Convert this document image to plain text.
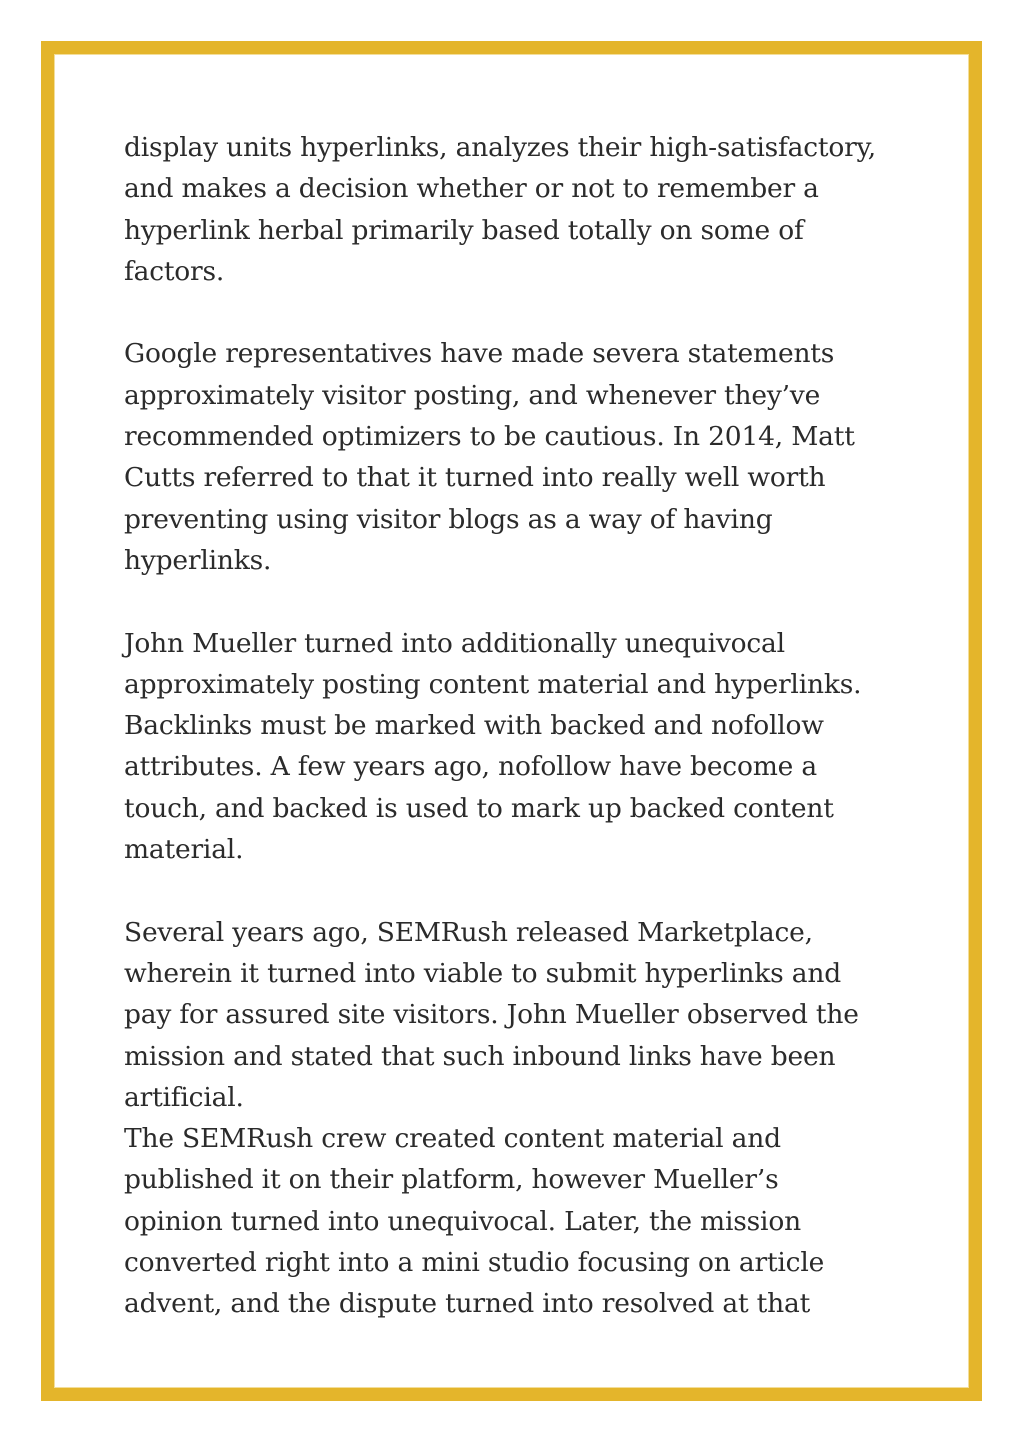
display units hyperlinks, analyzes their high-satisfactory,
and makes a decision whether or not to remember a
hyperlink herbal primarily based totally on some of
factors.

Google representatives have made severa statements
approximately visitor posting, and whenever they’ve
recommended optimizers to be cautious. In 2014, Matt
Cutts referred to that it turned into really well worth
preventing using visitor blogs as a way of having
hyperlinks.

John Mueller turned into additionally unequivocal
approximately posting content material and hyperlinks.
Backlinks must be marked with backed and nofollow
attributes. A few years ago, nofollow have become a
touch, and backed is used to mark up backed content
material.

Several years ago, SEMRush released Marketplace,
wherein it turned into viable to submit hyperlinks and
pay for assured site visitors. John Mueller observed the
mission and stated that such inbound links have been
artificial.

The SEMRush crew created content material and
published it on their platform, however Mueller’s
opinion turned into unequivocal. Later, the mission
converted right into a mini studio focusing on article
advent, and the dispute turned into resolved at that
